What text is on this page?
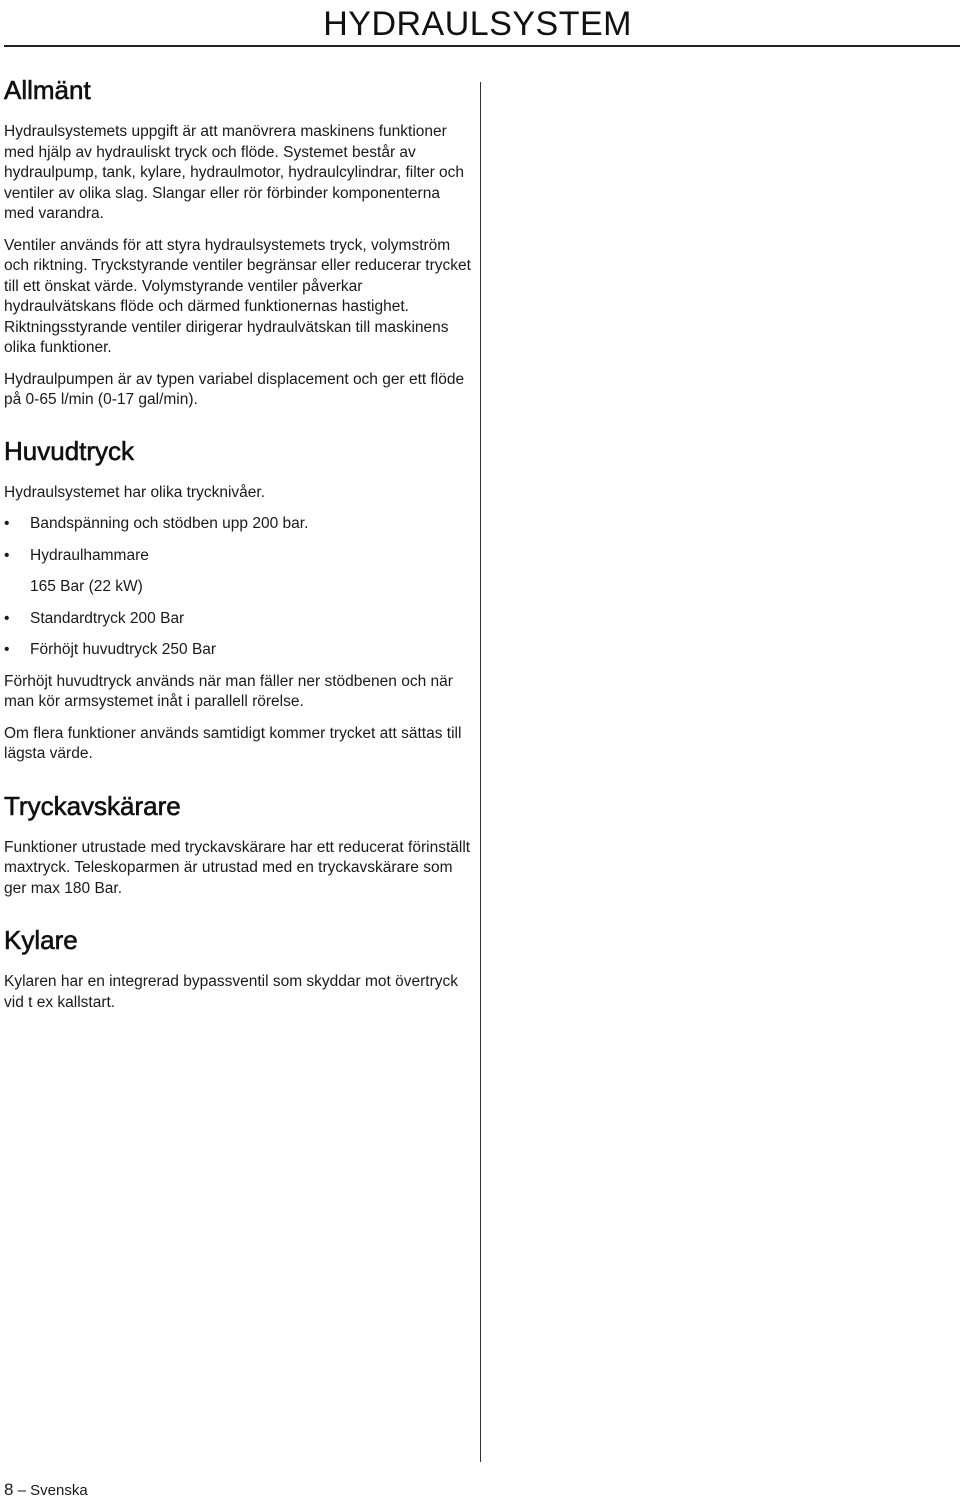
HYDRAULSYSTEM
Allmänt

Hydraulsystemets uppgift är att manövrera maskinens funktioner med hjälp av hydrauliskt tryck och flöde. Systemet består av hydraulpump, tank, kylare, hydraulmotor, hydraulcylindrar, filter och ventiler av olika slag. Slangar eller rör förbinder komponenterna med varandra.

Ventiler används för att styra hydraulsystemets tryck, volymström och riktning. Tryckstyrande ventiler begränsar eller reducerar trycket till ett önskat värde. Volymstyrande ventiler påverkar hydraulvätskans flöde och därmed funktionernas hastighet. Riktningsstyrande ventiler dirigerar hydraulvätskan till maskinens olika funktioner.

Hydraulpumpen är av typen variabel displacement och ger ett flöde på 0-65 l/min (0-17 gal/min).

Huvudtryck

Hydraulsystemet har olika trycknivåer.

• Bandspänning och stödben upp 200 bar.
• Hydraulhammare
165 Bar (22 kW)
• Standardtryck 200 Bar
• Förhöjt huvudtryck 250 Bar

Förhöjt huvudtryck används när man fäller ner stödbenen och när man kör armsystemet inåt i parallell rörelse.

Om flera funktioner används samtidigt kommer trycket att sättas till lägsta värde.

Tryckavskärare

Funktioner utrustade med tryckavskärare har ett reducerat förinställt maxtryck. Teleskoparmen är utrustad med en tryckavskärare som ger max 180 Bar.

Kylare

Kylaren har en integrerad bypassventil som skyddar mot övertryck vid t ex kallstart.

8 – Svenska
